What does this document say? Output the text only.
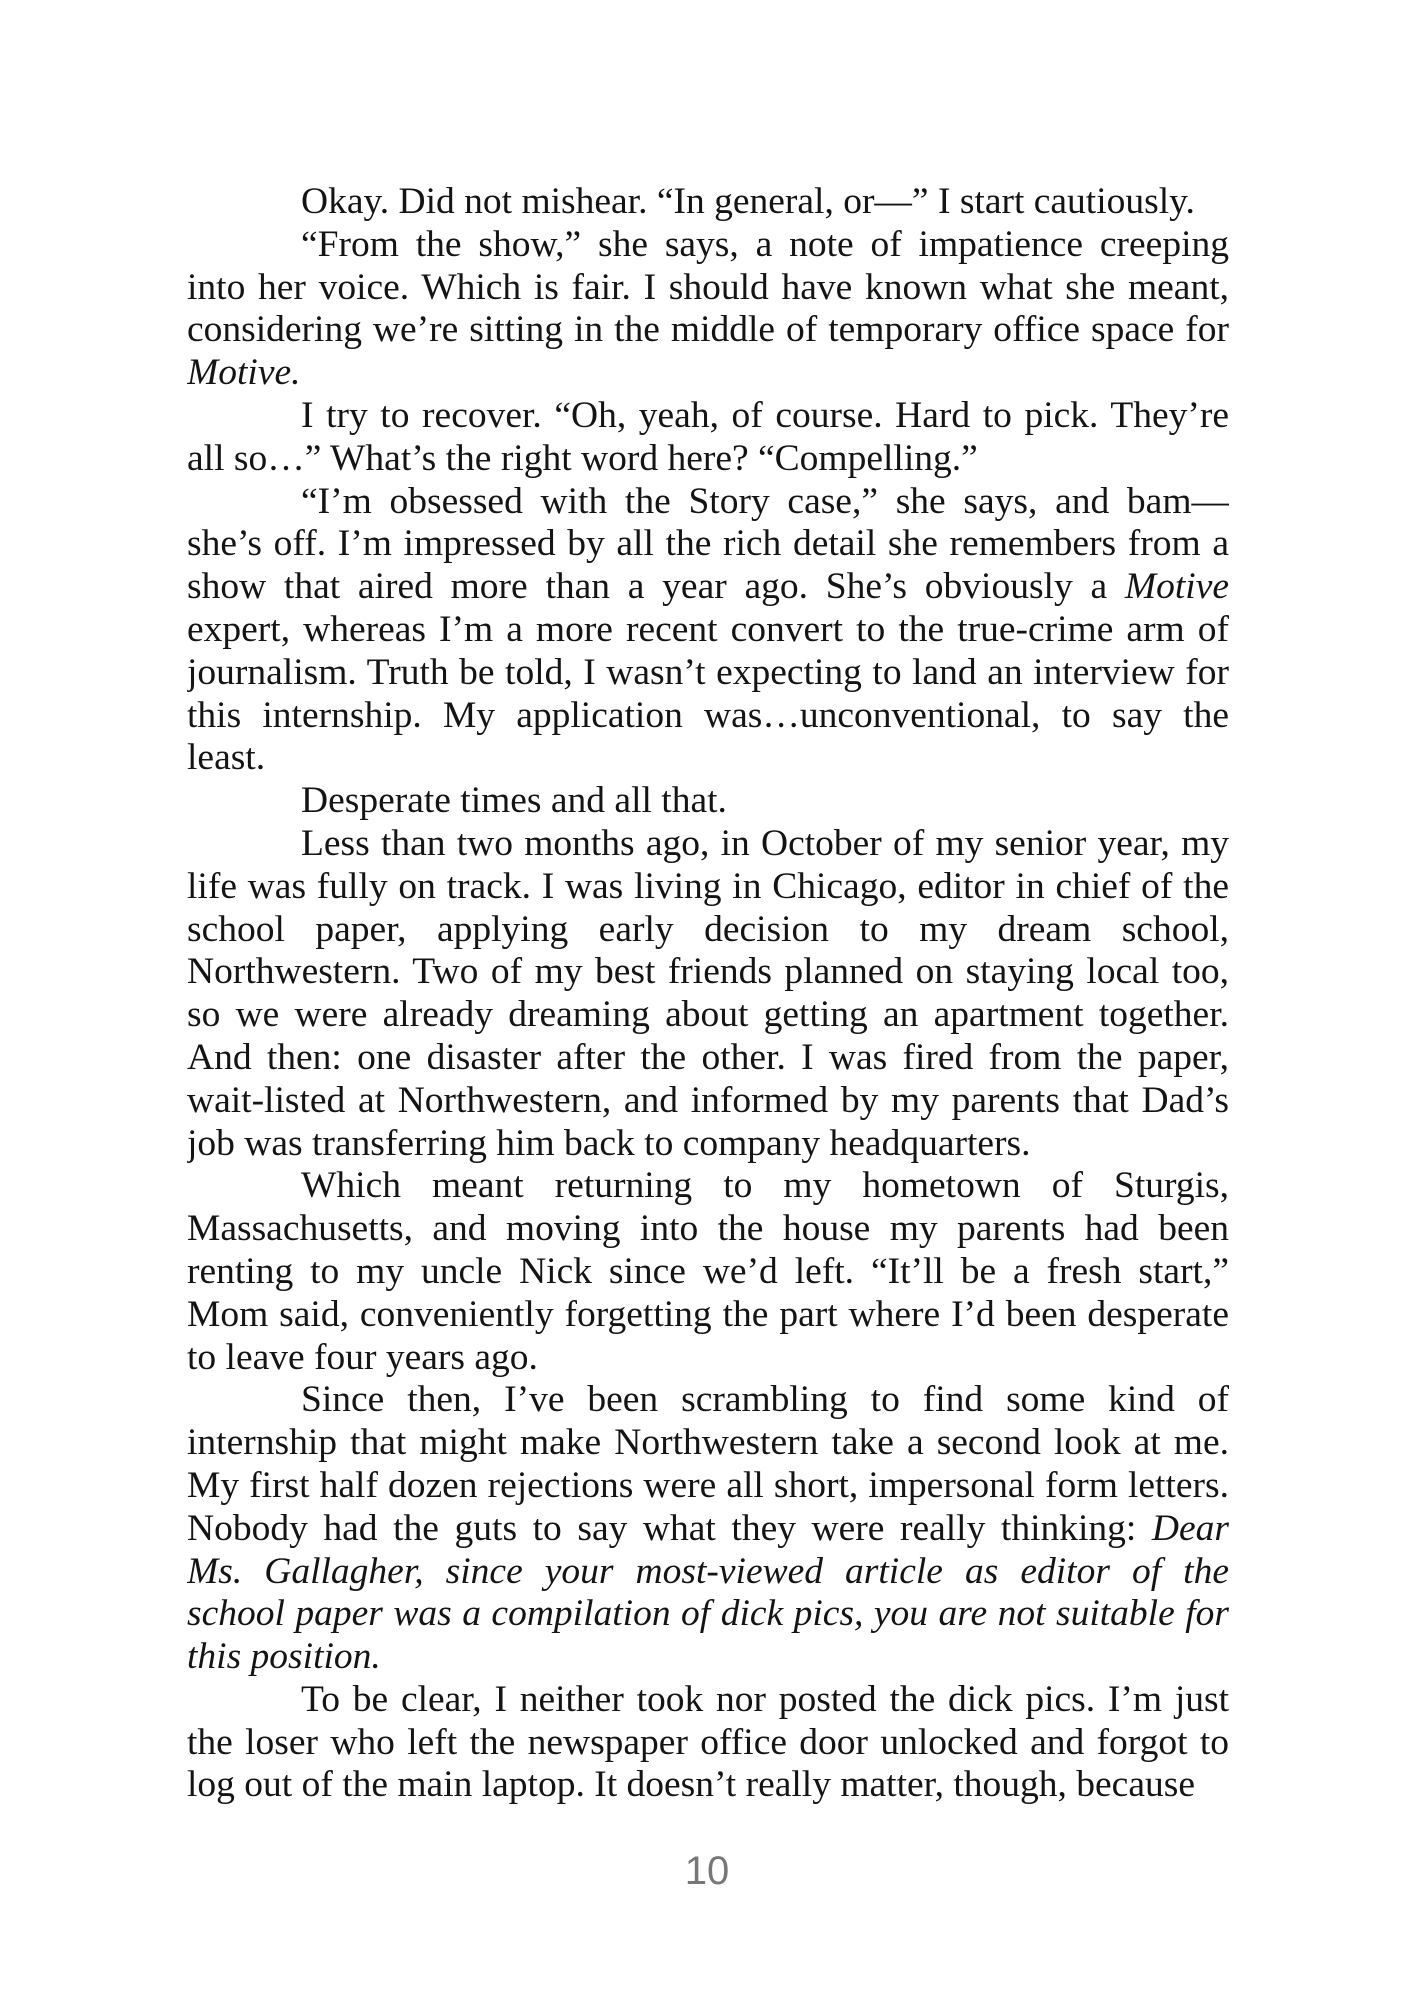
Okay. Did not mishear. “In general, or—” I start cautiously.
“From the show,” she says, a note of impatience creeping
into her voice. Which is fair. I should have known what she meant,
considering we’re sitting in the middle of temporary office space for
Motive.
I try to recover. “Oh, yeah, of course. Hard to pick. They’re
all so…” What’s the right word here? “Compelling.”
“I’m obsessed with the Story case,” she says, and bam—
she’s off. I’m impressed by all the rich detail she remembers from a
show that aired more than a year ago. She’s obviously a Motive
expert, whereas I’m a more recent convert to the true-crime arm of
journalism. Truth be told, I wasn’t expecting to land an interview for
this internship. My application was…unconventional, to say the
least.
Desperate times and all that.
Less than two months ago, in October of my senior year, my
life was fully on track. I was living in Chicago, editor in chief of the
school paper, applying early decision to my dream school,
Northwestern. Two of my best friends planned on staying local too,
so we were already dreaming about getting an apartment together.
And then: one disaster after the other. I was fired from the paper,
wait-listed at Northwestern, and informed by my parents that Dad’s
job was transferring him back to company headquarters.
Which meant returning to my hometown of Sturgis,
Massachusetts, and moving into the house my parents had been
renting to my uncle Nick since we’d left. “It’ll be a fresh start,”
Mom said, conveniently forgetting the part where I’d been desperate
to leave four years ago.
Since then, I’ve been scrambling to find some kind of
internship that might make Northwestern take a second look at me.
My first half dozen rejections were all short, impersonal form letters.
Nobody had the guts to say what they were really thinking: Dear
Ms. Gallagher, since your most-viewed article as editor of the
school paper was a compilation of dick pics, you are not suitable for
this position.
To be clear, I neither took nor posted the dick pics. I’m just
the loser who left the newspaper office door unlocked and forgot to
log out of the main laptop. It doesn’t really matter, though, because
10
